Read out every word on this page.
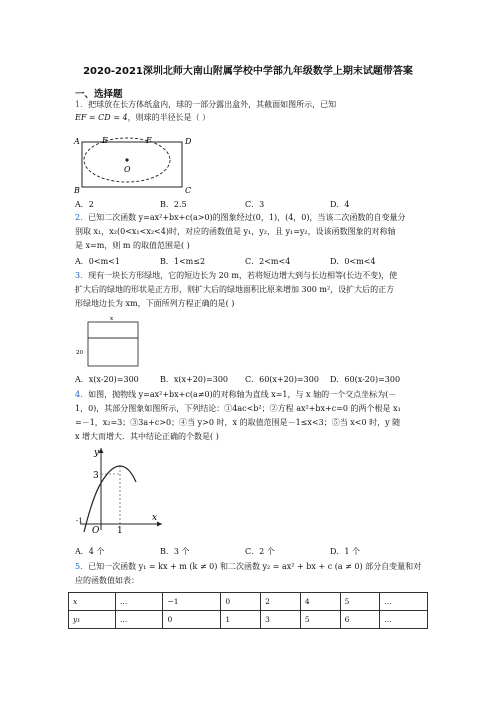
2020-2021深圳北师大南山附属学校中学部九年级数学上期末试题带答案
一、选择题
1．把球放在长方体纸盒内，球的一部分露出盒外，其截面如图所示，已知
EF = CD = 4，则球的半径长是（ ）
A	E	F	D
O
B	C
A．2	B．2.5	C．3	D．4
2．已知二次函数 y=ax²+bx+c(a>0)的图象经过(0，1)，(4，0)，当该二次函数的自变量分
别取 x₁，x₂(0<x₁<x₂<4)时，对应的函数值是 y₁，y₂，且 y₁=y₂，设该函数图象的对称轴
是 x=m，则 m 的取值范围是( )
A．0<m<1	B．1<m≤2	C．2<m<4	D．0<m<4
3．现有一块长方形绿地，它的短边长为 20 m，若将短边增大到与长边相等(长边不变)，使
扩大后的绿地的形状是正方形，则扩大后的绿地面积比原来增加 300 m²，设扩大后的正方
形绿地边长为 xm，下面所列方程正确的是( )
x
20
A．x(x-20)=300	B．x(x+20)=300 C．60(x+20)=300 D．60(x-20)=300
4．如图，抛物线 y=ax²+bx+c(a≠0)的对称轴为直线 x=1，与 x 轴的一个交点坐标为(－
1，0)，其部分图象如图所示，下列结论：①4ac<b²；②方程 ax²+bx+c=0 的两个根是 x₁
=－1，x₂=3；③3a+c>0；④当 y>0 时，x 的取值范围是－1≤x<3；⑤当 x<0 时，y 随
x 增大而增大．其中结论正确的个数是( )
y
x
3
-1
O 1
A．4 个	B．3 个	C．2 个	D．1 个
5．已知一次函数 y₁ = kx + m (k ≠ 0) 和二次函数 y₂ = ax² + bx + c (a ≠ 0) 部分自变量和对
应的函数值如表：
x	…	−1	0	2	4	5	…
y₁	…	0	1	3	5	6	…
